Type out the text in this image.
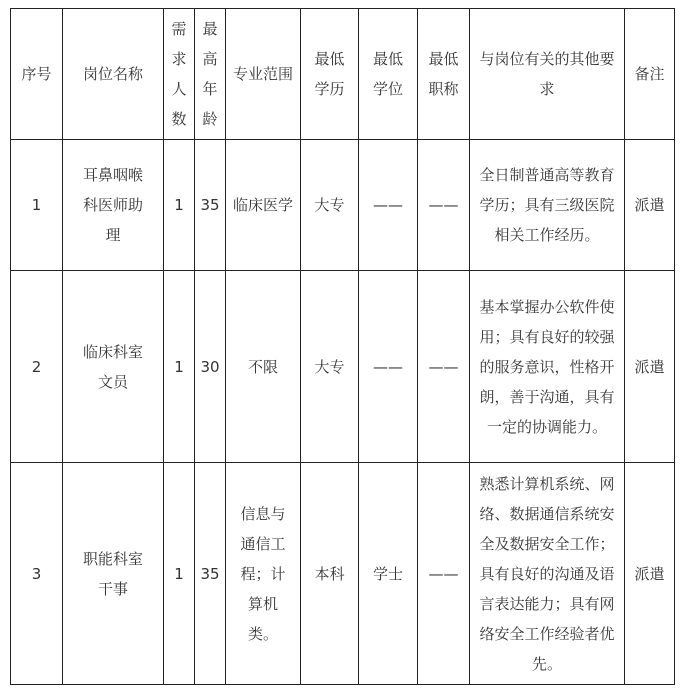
序号	岗位名称	需求人数	最高年龄	专业范围	最低学历	最低学位	最低职称	与岗位有关的其他要求	备注
1	耳鼻咽喉科医师助理	1	35	临床医学	大专	——	——	全日制普通高等教育学历；具有三级医院相关工作经历。	派遣
2	临床科室文员	1	30	不限	大专	——	——	基本掌握办公软件使用；具有良好的较强的服务意识，性格开朗，善于沟通，具有一定的协调能力。	派遣
3	职能科室干事	1	35	信息与通信工程；计算机类。	本科	学士	——	熟悉计算机系统、网络、数据通信系统安全及数据安全工作；具有良好的沟通及语言表达能力；具有网络安全工作经验者优先。	派遣
